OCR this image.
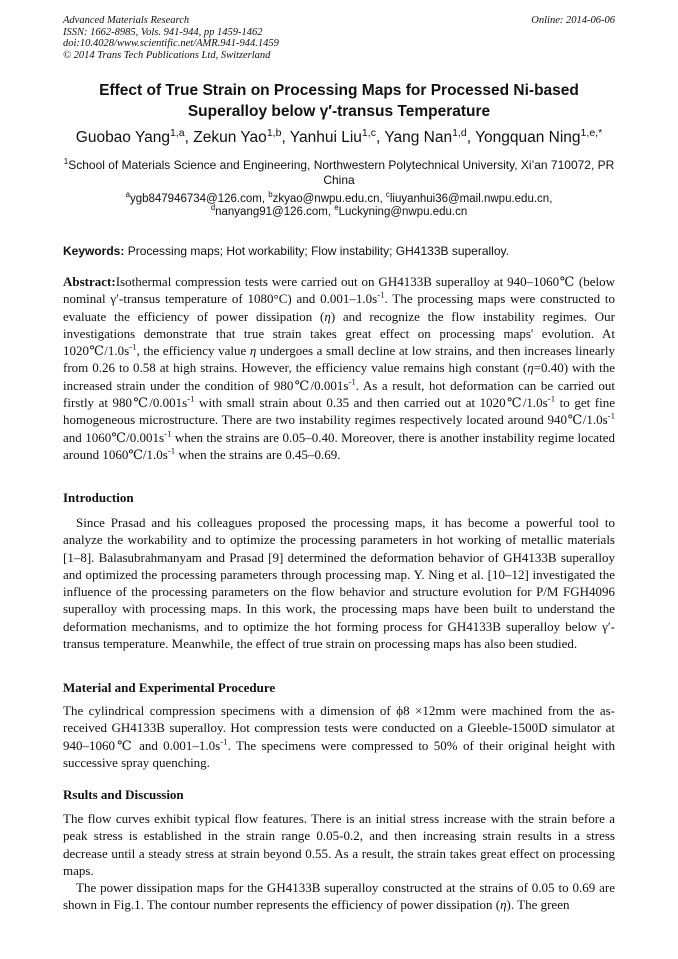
Advanced Materials Research
ISSN: 1662-8985, Vols. 941-944, pp 1459-1462
doi:10.4028/www.scientific.net/AMR.941-944.1459
© 2014 Trans Tech Publications Ltd, Switzerland
Online: 2014-06-06
Effect of True Strain on Processing Maps for Processed Ni-based Superalloy below γ′-transus Temperature
Guobao Yang$^{1,a}$, Zekun Yao$^{1,b}$, Yanhui Liu$^{1,c}$, Yang Nan$^{1,d}$, Yongquan Ning$^{1,e,*}$
$^1$School of Materials Science and Engineering, Northwestern Polytechnical University, Xi’an 710072, PR China
$^a$ygb847946734@126.com, $^b$zkyao@nwpu.edu.cn, $^c$liuyanhui36@mail.nwpu.edu.cn,
$^d$nanyang91@126.com, $^e$Luckyning@nwpu.edu.cn
Keywords: Processing maps; Hot workability; Flow instability; GH4133B superalloy.
Abstract:Isothermal compression tests were carried out on GH4133B superalloy at 940–1060℃ (below nominal γ′-transus temperature of 1080°C) and $0.001-1.0s^{-1}$. The processing maps were constructed to evaluate the efficiency of power dissipation (η) and recognize the flow instability regimes. Our investigations demonstrate that true strain takes great effect on processing maps' evolution. At $1020℃/1.0s^{-1}$, the efficiency value η undergoes a small decline at low strains, and then increases linearly from 0.26 to 0.58 at high strains. However, the efficiency value remains high constant (η=0.40) with the increased strain under the condition of $980℃/0.001s^{-1}$. As a result, hot deformation can be carried out firstly at $980℃/0.001s^{-1}$ with small strain about 0.35 and then carried out at $1020℃/1.0s^{-1}$ to get fine homogeneous microstructure. There are two instability regimes respectively located around $940℃/1.0s^{-1}$ and $1060℃/0.001s^{-1}$ when the strains are 0.05–0.40. Moreover, there is another instability regime located around $1060℃/1.0s^{-1}$ when the strains are 0.45–0.69.
Introduction

Since Prasad and his colleagues proposed the processing maps, it has become a powerful tool to analyze the workability and to optimize the processing parameters in hot working of metallic materials [1–8]. Balasubrahmanyam and Prasad [9] determined the deformation behavior of GH4133B superalloy and optimized the processing parameters through processing map. Y. Ning et al. [10–12] investigated the influence of the processing parameters on the flow behavior and structure evolution for P/M FGH4096 superalloy with processing maps. In this work, the processing maps have been built to understand the deformation mechanisms, and to optimize the hot forming process for GH4133B superalloy below γ′-transus temperature. Meanwhile, the effect of true strain on processing maps has also been studied.

Material and Experimental Procedure

The cylindrical compression specimens with a dimension of ϕ8 ×12mm were machined from the as-received GH4133B superalloy. Hot compression tests were conducted on a Gleeble-1500D simulator at 940–1060℃ and $0.001-1.0s^{-1}$. The specimens were compressed to 50% of their original height with successive spray quenching.

Rsults and Discussion

The flow curves exhibit typical flow features. There is an initial stress increase with the strain before a peak stress is established in the strain range 0.05-0.2, and then increasing strain results in a stress decrease until a steady stress at strain beyond 0.55. As a result, the strain takes great effect on processing maps.

The power dissipation maps for the GH4133B superalloy constructed at the strains of 0.05 to 0.69 are shown in Fig.1. The contour number represents the efficiency of power dissipation (η). The green
